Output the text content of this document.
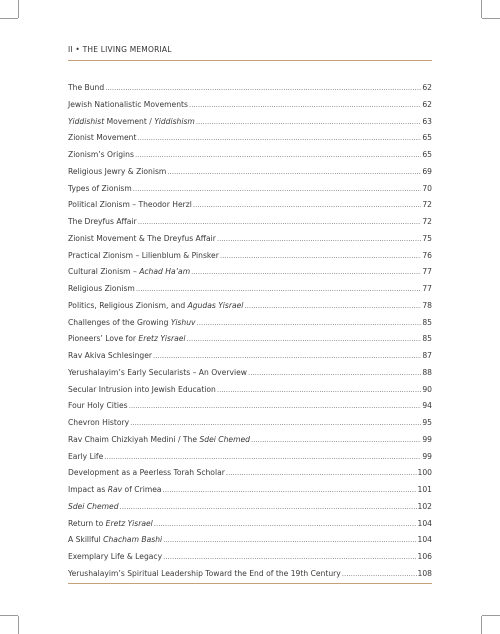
II • THE LIVING MEMORIAL
The Bund .....	62
Jewish Nationalistic Movements .....	62
Yiddishist Movement / Yiddishism .....	63
Zionist Movement .....	65
Zionism’s Origins .....	65
Religious Jewry & Zionism .....	69
Types of Zionism .....	70
Political Zionism – Theodor Herzl .....	72
The Dreyfus Affair .....	72
Zionist Movement & The Dreyfus Affair .....	75
Practical Zionism – Lilienblum & Pinsker .....	76
Cultural Zionism – Achad Ha’am .....	77
Religious Zionism .....	77
Politics, Religious Zionism, and Agudas Yisrael .....	78
Challenges of the Growing Yishuv .....	85
Pioneers’ Love for Eretz Yisrael .....	85
Rav Akiva Schlesinger .....	87
Yerushalayim’s Early Secularists – An Overview .....	88
Secular Intrusion into Jewish Education .....	90
Four Holy Cities .....	94
Chevron History .....	95
Rav Chaim Chizkiyah Medini / The Sdei Chemed .....	99
Early Life .....	99
Development as a Peerless Torah Scholar .....	100
Impact as Rav of Crimea .....	101
Sdei Chemed .....	102
Return to Eretz Yisrael .....	104
A Skillful Chacham Bashi .....	104
Exemplary Life & Legacy .....	106
Yerushalayim’s Spiritual Leadership Toward the End of the 19th Century .....	108
